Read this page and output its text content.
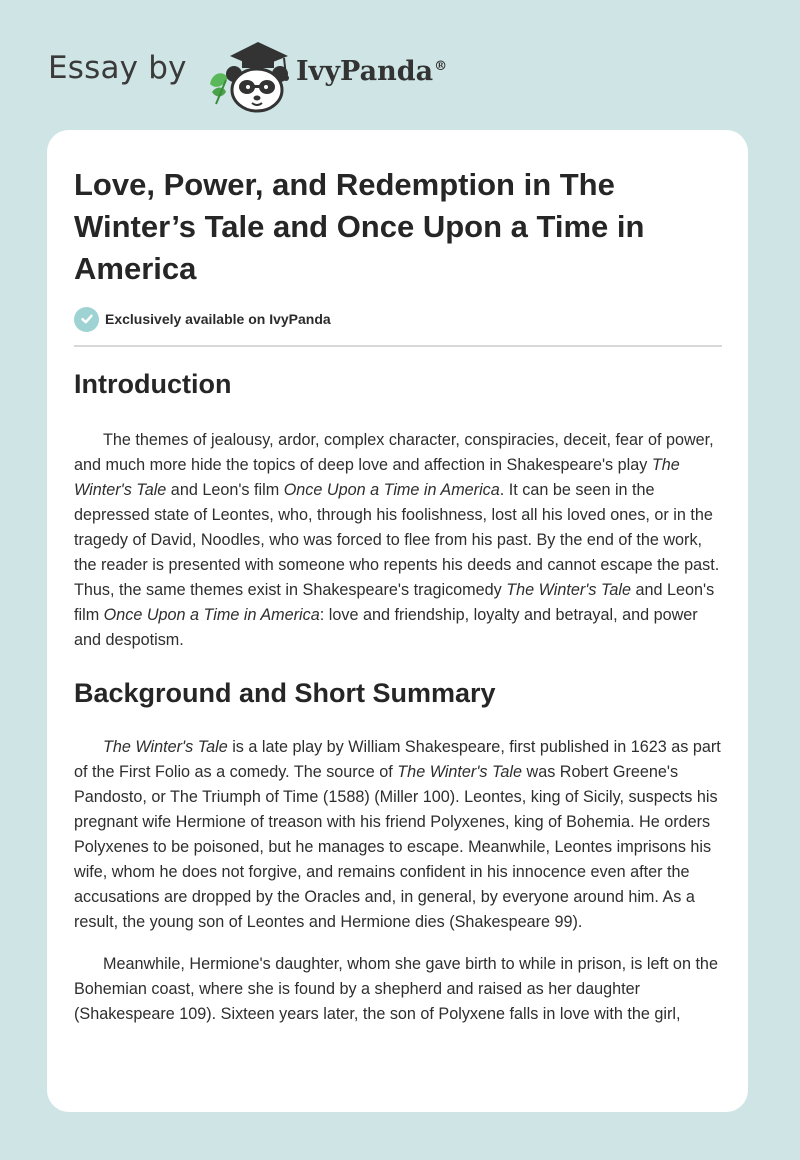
Essay by	IvyPanda®
Love, Power, and Redemption in The Winter’s Tale and Once Upon a Time in America
Exclusively available on IvyPanda
Introduction

The themes of jealousy, ardor, complex character, conspiracies, deceit, fear of power, and much more hide the topics of deep love and affection in Shakespeare's play The Winter's Tale and Leon's film Once Upon a Time in America. It can be seen in the depressed state of Leontes, who, through his foolishness, lost all his loved ones, or in the tragedy of David, Noodles, who was forced to flee from his past. By the end of the work, the reader is presented with someone who repents his deeds and cannot escape the past. Thus, the same themes exist in Shakespeare's tragicomedy The Winter's Tale and Leon's film Once Upon a Time in America: love and friendship, loyalty and betrayal, and power and despotism.

Background and Short Summary

The Winter's Tale is a late play by William Shakespeare, first published in 1623 as part of the First Folio as a comedy. The source of The Winter's Tale was Robert Greene's Pandosto, or The Triumph of Time (1588) (Miller 100). Leontes, king of Sicily, suspects his pregnant wife Hermione of treason with his friend Polyxenes, king of Bohemia. He orders Polyxenes to be poisoned, but he manages to escape. Meanwhile, Leontes imprisons his wife, whom he does not forgive, and remains confident in his innocence even after the accusations are dropped by the Oracles and, in general, by everyone around him. As a result, the young son of Leontes and Hermione dies (Shakespeare 99).

Meanwhile, Hermione's daughter, whom she gave birth to while in prison, is left on the Bohemian coast, where she is found by a shepherd and raised as her daughter (Shakespeare 109). Sixteen years later, the son of Polyxene falls in love with the girl,
